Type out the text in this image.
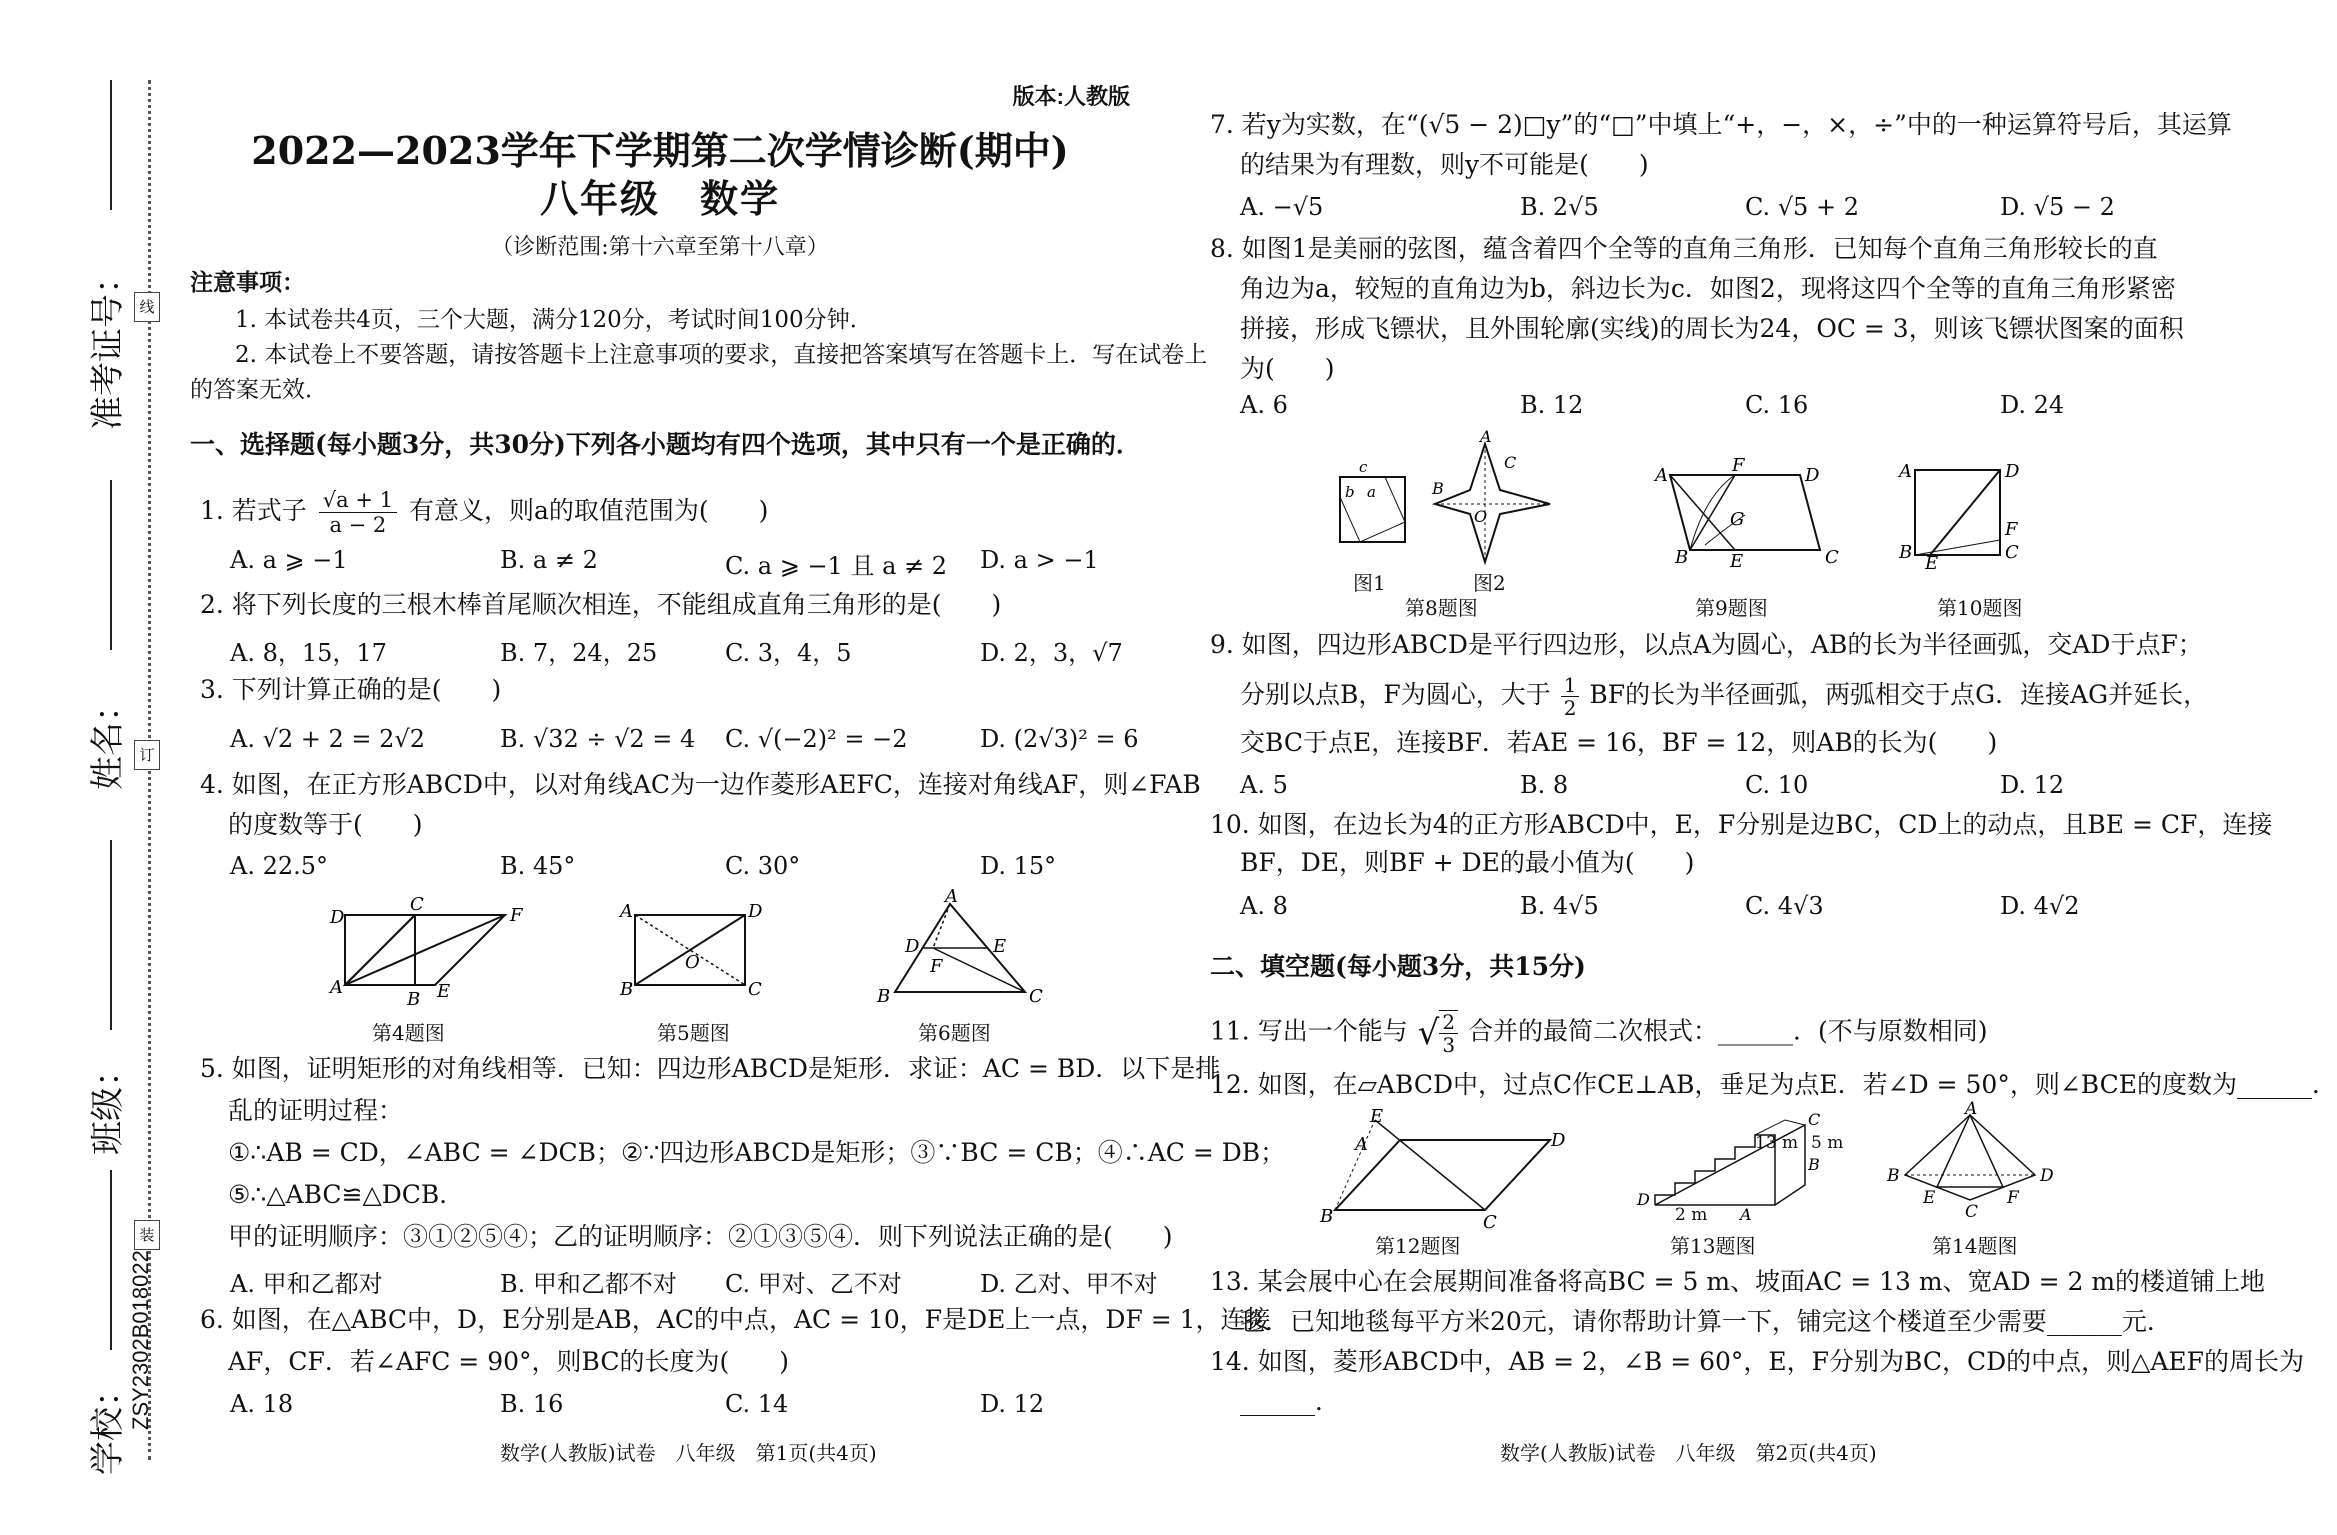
准考证号： 线
姓名： 订
班级：
装
学校： ZSY2302B018022
版本:人教版
2022—2023学年下学期第二次学情诊断(期中)
八年级　数学
（诊断范围:第十六章至第十八章）
注意事项：
1. 本试卷共4页，三个大题，满分120分，考试时间100分钟．
2. 本试卷上不要答题，请按答题卡上注意事项的要求，直接把答案填写在答题卡上．写在试卷上
的答案无效．
一、选择题(每小题3分，共30分)下列各小题均有四个选项，其中只有一个是正确的．
1. 若式子 $\frac{√a + 1}{a - 2}$ 有意义，则a的取值范围为(　　)
A. a ⩾ −1	B. a ≠ 2	C. a ⩾ −1 且 a ≠ 2 D. a > −1
2. 将下列长度的三根木棒首尾顺次相连，不能组成直角三角形的是(　　)
A. 8，15，17	B. 7，24，25	C. 3，4，5	D. 2，3，√7
3. 下列计算正确的是(　　)
A. √2 + 2 = 2√2	B. √32 ÷ √2 = 4 C. √(−2)² = −2	D. (2√3)² = 6
4. 如图，在正方形ABCD中，以对角线AC为一边作菱形AEFC，连接对角线AF，则∠FAB
的度数等于(　　)
A. 22.5°	B. 45°	C. 30°	D. 15°
D
C
F
A
B E
A	D
B	C
O
A
D	E
F
B	C
第4题图	第5题图	第6题图
5. 如图，证明矩形的对角线相等．已知：四边形ABCD是矩形．求证：AC = BD．以下是排
乱的证明过程：
①∴AB = CD，∠ABC = ∠DCB；②∵四边形ABCD是矩形；③∵BC = CB；④∴AC = DB；
⑤∴△ABC≌△DCB．
甲的证明顺序：③①②⑤④；乙的证明顺序：②①③⑤④．则下列说法正确的是(　　)
A. 甲和乙都对	B. 甲和乙都不对 C. 甲对、乙不对	D. 乙对、甲不对
6. 如图，在△ABC中，D，E分别是AB，AC的中点，AC = 10，F是DE上一点，DF = 1，连接
AF，CF．若∠AFC = 90°，则BC的长度为(　　)
A. 18	B. 16	C. 14	D. 12
数学(人教版)试卷　八年级　第1页(共4页)
7. 若y为实数，在“(√5 − 2)□y”的“□”中填上“+，−，×，÷”中的一种运算符号后，其运算
的结果为有理数，则y不可能是(　　)
A. −√5	B. 2√5	C. √5 + 2	D. √5 − 2
8. 如图1是美丽的弦图，蕴含着四个全等的直角三角形．已知每个直角三角形较长的直
角边为a，较短的直角边为b，斜边长为c．如图2，现将这四个全等的直角三角形紧密
拼接，形成飞镖状，且外围轮廓(实线)的周长为24，OC = 3，则该飞镖状图案的面积
为(　　)
A. 6	B. 12	C. 16	D. 24
c
b a
A
C
B
O
图1	图2
A	F	D
B
G
E	C
A	D
F
B
E
C
第8题图	第9题图	第10题图
9. 如图，四边形ABCD是平行四边形，以点A为圆心，AB的长为半径画弧，交AD于点F；
分别以点B，F为圆心，大于 $\frac{1}{2}$ BF的长为半径画弧，两弧相交于点G．连接AG并延长，
交BC于点E，连接BF．若AE = 16，BF = 12，则AB的长为(　　)
A. 5	B. 8	C. 10	D. 12
10. 如图，在边长为4的正方形ABCD中，E，F分别是边BC，CD上的动点，且BE = CF，连接
BF，DE，则BF + DE的最小值为(　　)
A. 8	B. 4√5	C. 4√3	D. 4√2
二、填空题(每小题3分，共15分)
11. 写出一个能与 √ $\frac{2}{3}$ 合并的最简二次根式：______．(不与原数相同)
12. 如图，在▱ABCD中，过点C作CE⊥AB，垂足为点E．若∠D = 50°，则∠BCE的度数为______．
E
A
B	C
D
D
A
C
B
13 m 5 m
2 m
A
B	D
E	F
C
第12题图	第13题图	第14题图
13. 某会展中心在会展期间准备将高BC = 5 m、坡面AC = 13 m、宽AD = 2 m的楼道铺上地
毯．已知地毯每平方米20元，请你帮助计算一下，铺完这个楼道至少需要______元．
14. 如图，菱形ABCD中，AB = 2，∠B = 60°，E，F分别为BC，CD的中点，则△AEF的周长为
______．
数学(人教版)试卷　八年级　第2页(共4页)
